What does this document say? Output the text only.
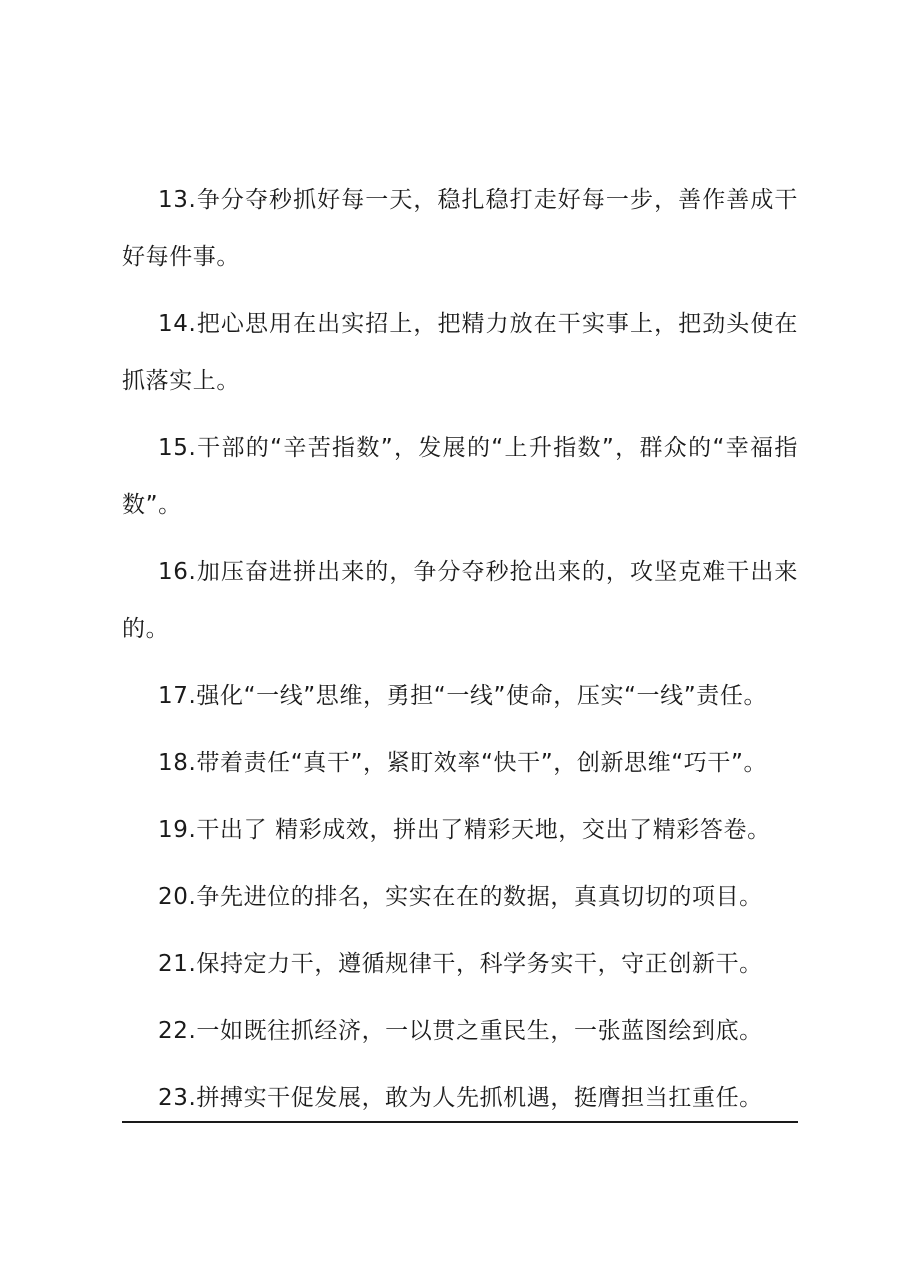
13.争分夺秒抓好每一天，稳扎稳打走好每一步，善作善成干好每件事。

14.把心思用在出实招上，把精力放在干实事上，把劲头使在抓落实上。

15.干部的“辛苦指数”，发展的“上升指数”，群众的“幸福指数”。

16.加压奋进拼出来的，争分夺秒抢出来的，攻坚克难干出来的。

17.强化“一线”思维，勇担“一线”使命，压实“一线”责任。

18.带着责任“真干”，紧盯效率“快干”，创新思维“巧干”。

19.干出了 精彩成效，拼出了精彩天地，交出了精彩答卷。

20.争先进位的排名，实实在在的数据，真真切切的项目。

21.保持定力干，遵循规律干，科学务实干，守正创新干。

22.一如既往抓经济，一以贯之重民生，一张蓝图绘到底。

23.拼搏实干促发展，敢为人先抓机遇，挺膺担当扛重任。
